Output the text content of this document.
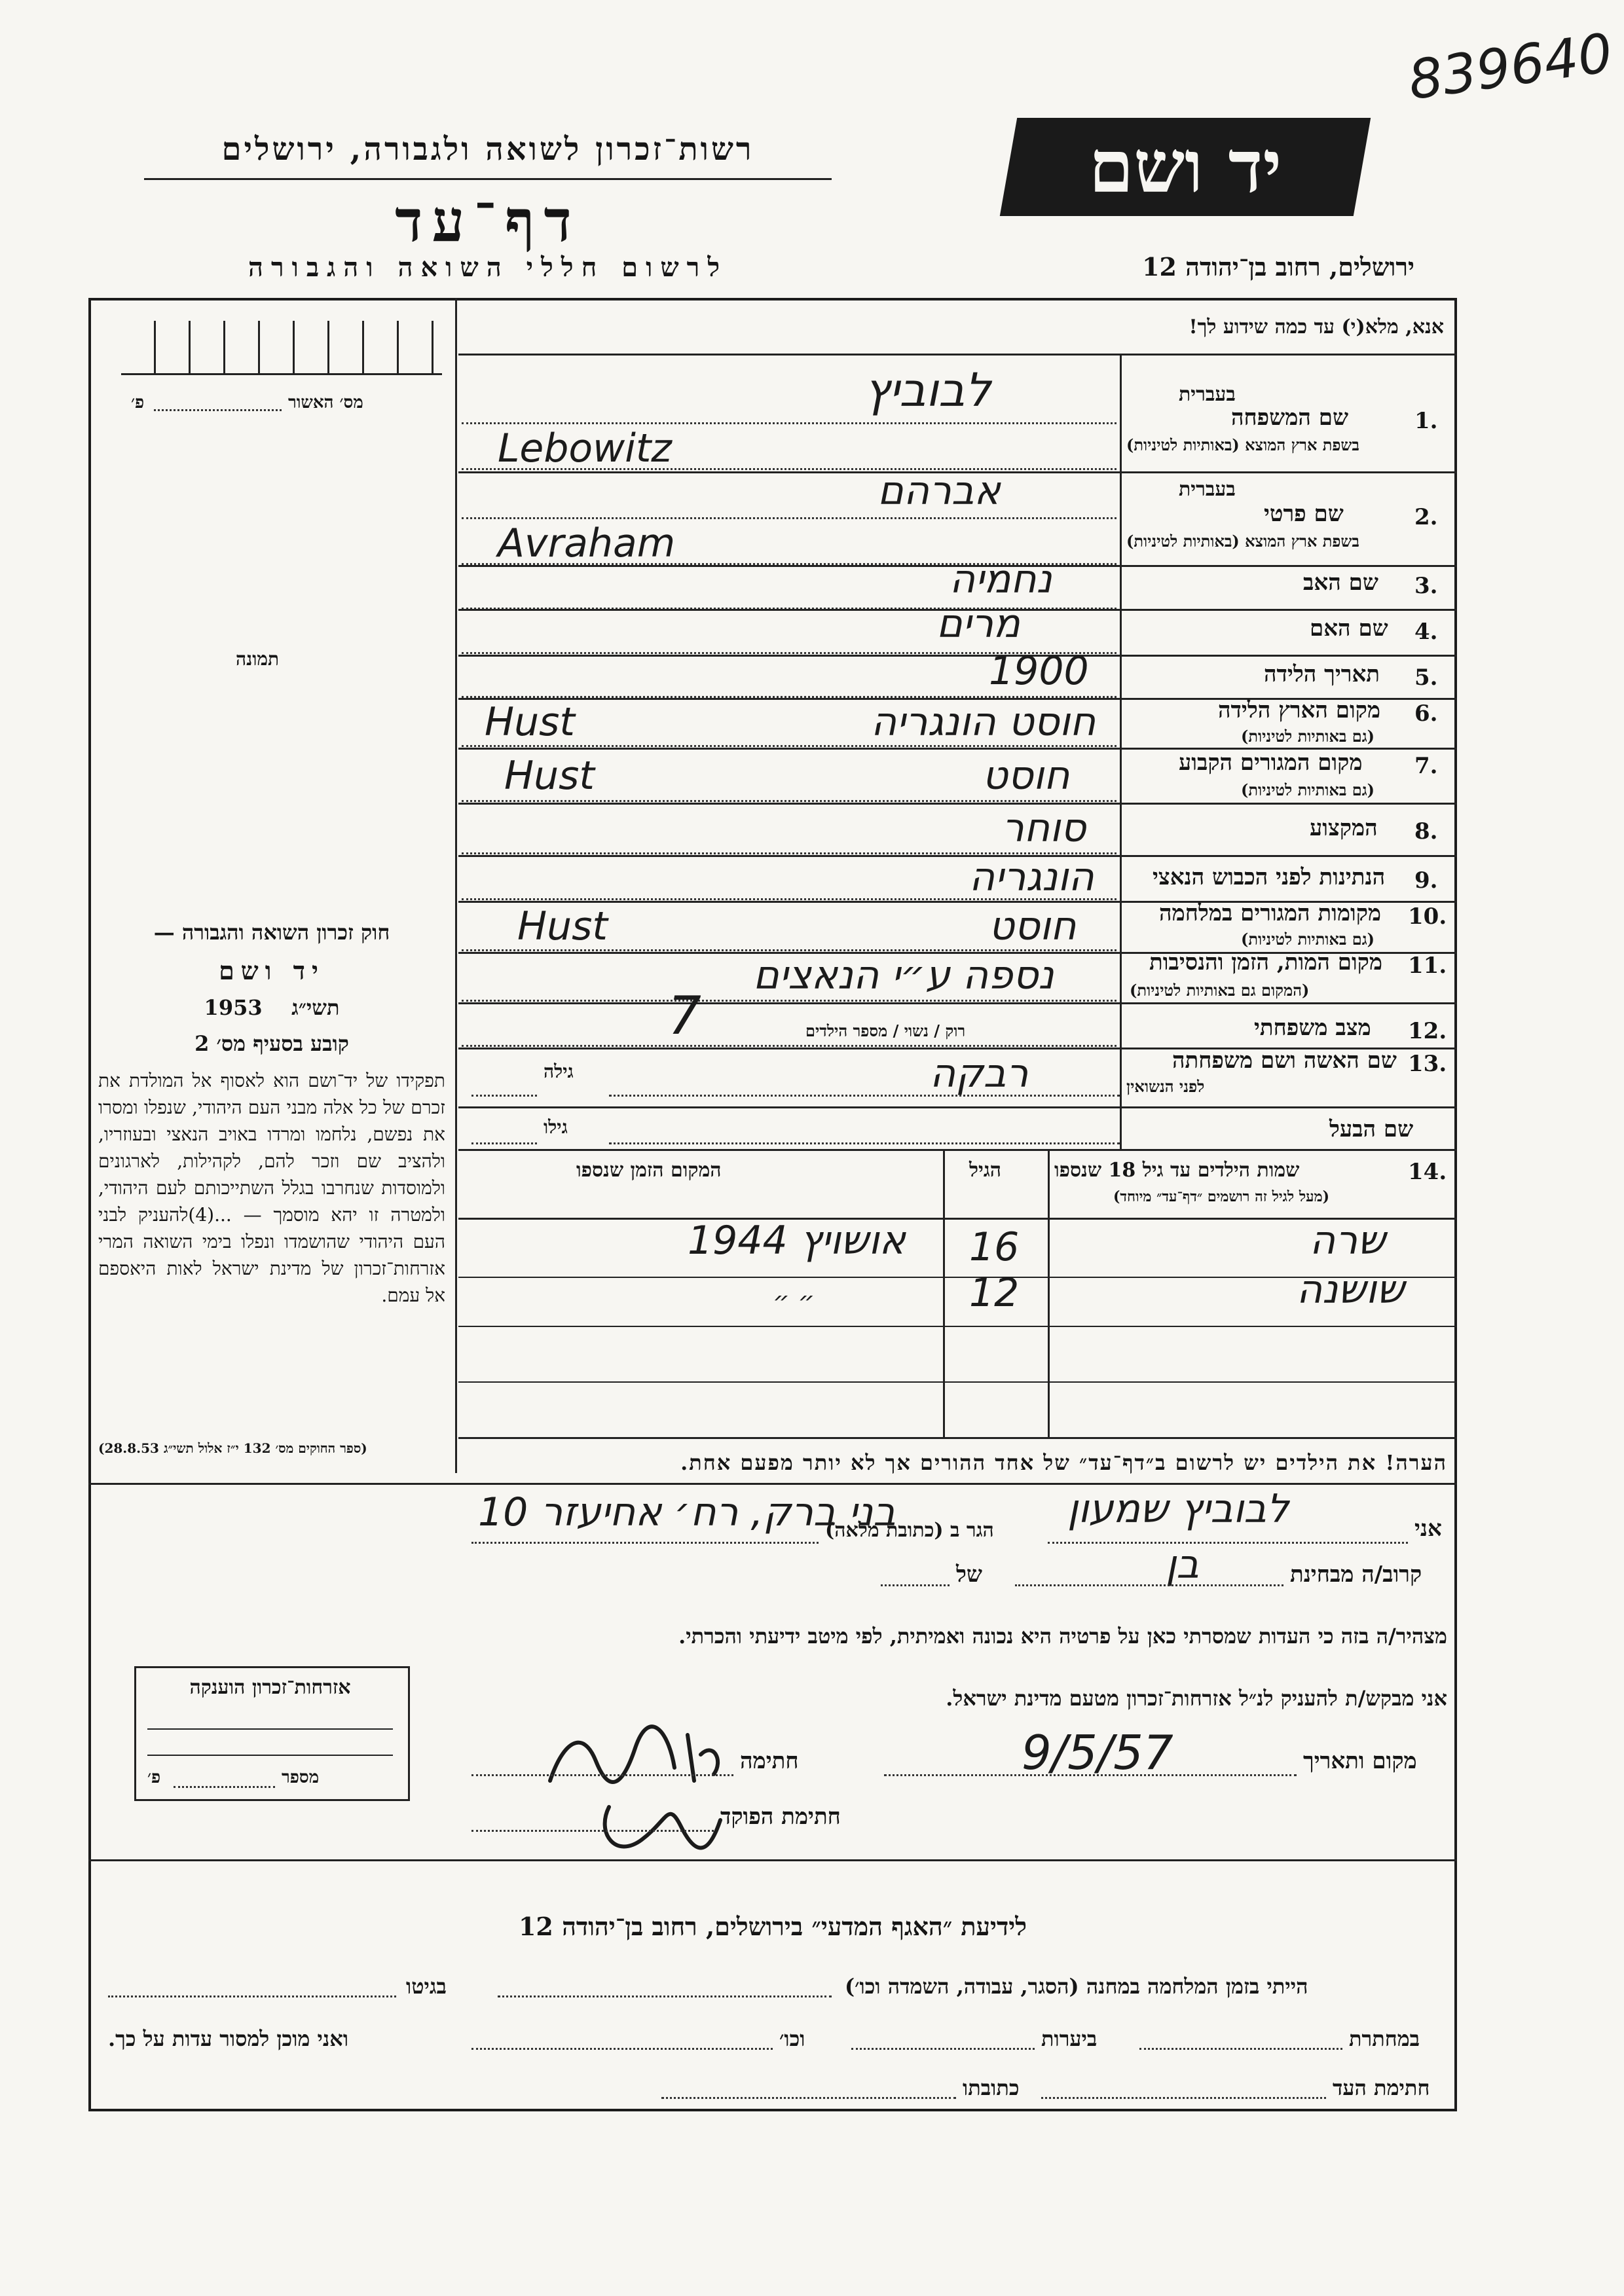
839640
רשות־זכרון לשואה ולגבורה, ירושלים
דף־עד
לרשום חללי השואה והגבורה
יד ושם
ירושלים, רחוב בן־יהודה 12
מס׳ האשור
פ׳
תמונה
חוק זכרון השואה והגבורה —
יד ושם
1953 תשי״ג
קובע בסעיף מס׳ 2
תפקידו של יד־ושם הוא לאסוף אל המולדת את זכרם של כל אלה מבני העם היהודי, שנפלו ומסרו את נפשם, נלחמו ומרדו באויב הנאצי ובעוזריו, ולהציב שם וזכר להם, לקהילות, לארגונים ולמוסדות שנחרבו בגלל השתייכותם לעם היהודי, ולמטרה זו יהא מוסמך — ...(4)להעניק לבני העם היהודי שהושמדו ונפלו בימי השואה המרי אזרחות־זכרון של מדינת ישראל לאות היאספם אל עמם.
(ספר החוקים מס׳ 132 י״ז אלול תשי״ג 28.8.53)
אנא, מלא(י) עד כמה שידוע לך!
בעברית
1.
שם המשפחה
בשפת ארץ המוצא (באותיות לטיניות)
לבוביץ
Lebowitz
בעברית
2.
שם פרטי
בשפת ארץ המוצא (באותיות לטיניות)
אברהם
Avraham
3.
שם האב
נחמיה
4.
שם האם
מרים
5.
תאריך הלידה
1900
6.
מקום הארץ הלידה
(גם באותיות לטיניות)
חוסט הונגריה
Hust
7.
מקום המגורים הקבוע
(גם באותיות לטיניות)
חוסט
Hust
8.
המקצוע
סוחר
9.
הנתינות לפני הכבוש הנאצי
הונגריה
10.
מקומות המגורים במלחמה
(גם באותיות לטיניות)
חוסט
Hust
11.
מקום המות, הזמן והנסיבות
(המקום גם באותיות לטיניות)
נספה ע״י הנאצים
12.
מצב משפחתי
רוק / נשוי / מספר הילדים
7
13.
שם האשה ושם משפחתה
לפני הנשואין
רבקה
גילה
שם הבעל
גילו
14.
שמות הילדים עד גיל 18 שנספו
(מעל לגיל זה רושמים ״דף־עד״ מיוחד)
הגיל
המקום הזמן שנספו
שרה
16
אושויץ 1944
שושנה
12
״ ״
הערה! את הילדים יש לרשום ב״דף־עד״ של אחד ההורים אך לא יותר מפעם אחת.
אני
לבוביץ שמעון
הגר ב (כתובת מלאה)
בני ברק, רח׳ אחיעזר 10
קרוב/ה מבחינת
בן
של
מצהיר/ה בזה כי העדות שמסרתי כאן על פרטיה היא נכונה ואמיתית, לפי מיטב ידיעתי והכרתי.
אני מבקש/ת להעניק לנ״ל אזרחות־זכרון מטעם מדינת ישראל.
מקום ותאריך
9/5/57
חתימה
חתימת הפוקד
אזרחות־זכרון הוענקה
מספר
פ׳
לידיעת ״האגף המדעי״ בירושלים, רחוב בן־יהודה 12
הייתי בזמן המלחמה במחנה (הסגר, עבודה, השמדה וכו׳)
בגיטו
במחתרת
ביערות
וכו׳
ואני מוכן למסור עדות על כך.
חתימת העד
כתובתו
